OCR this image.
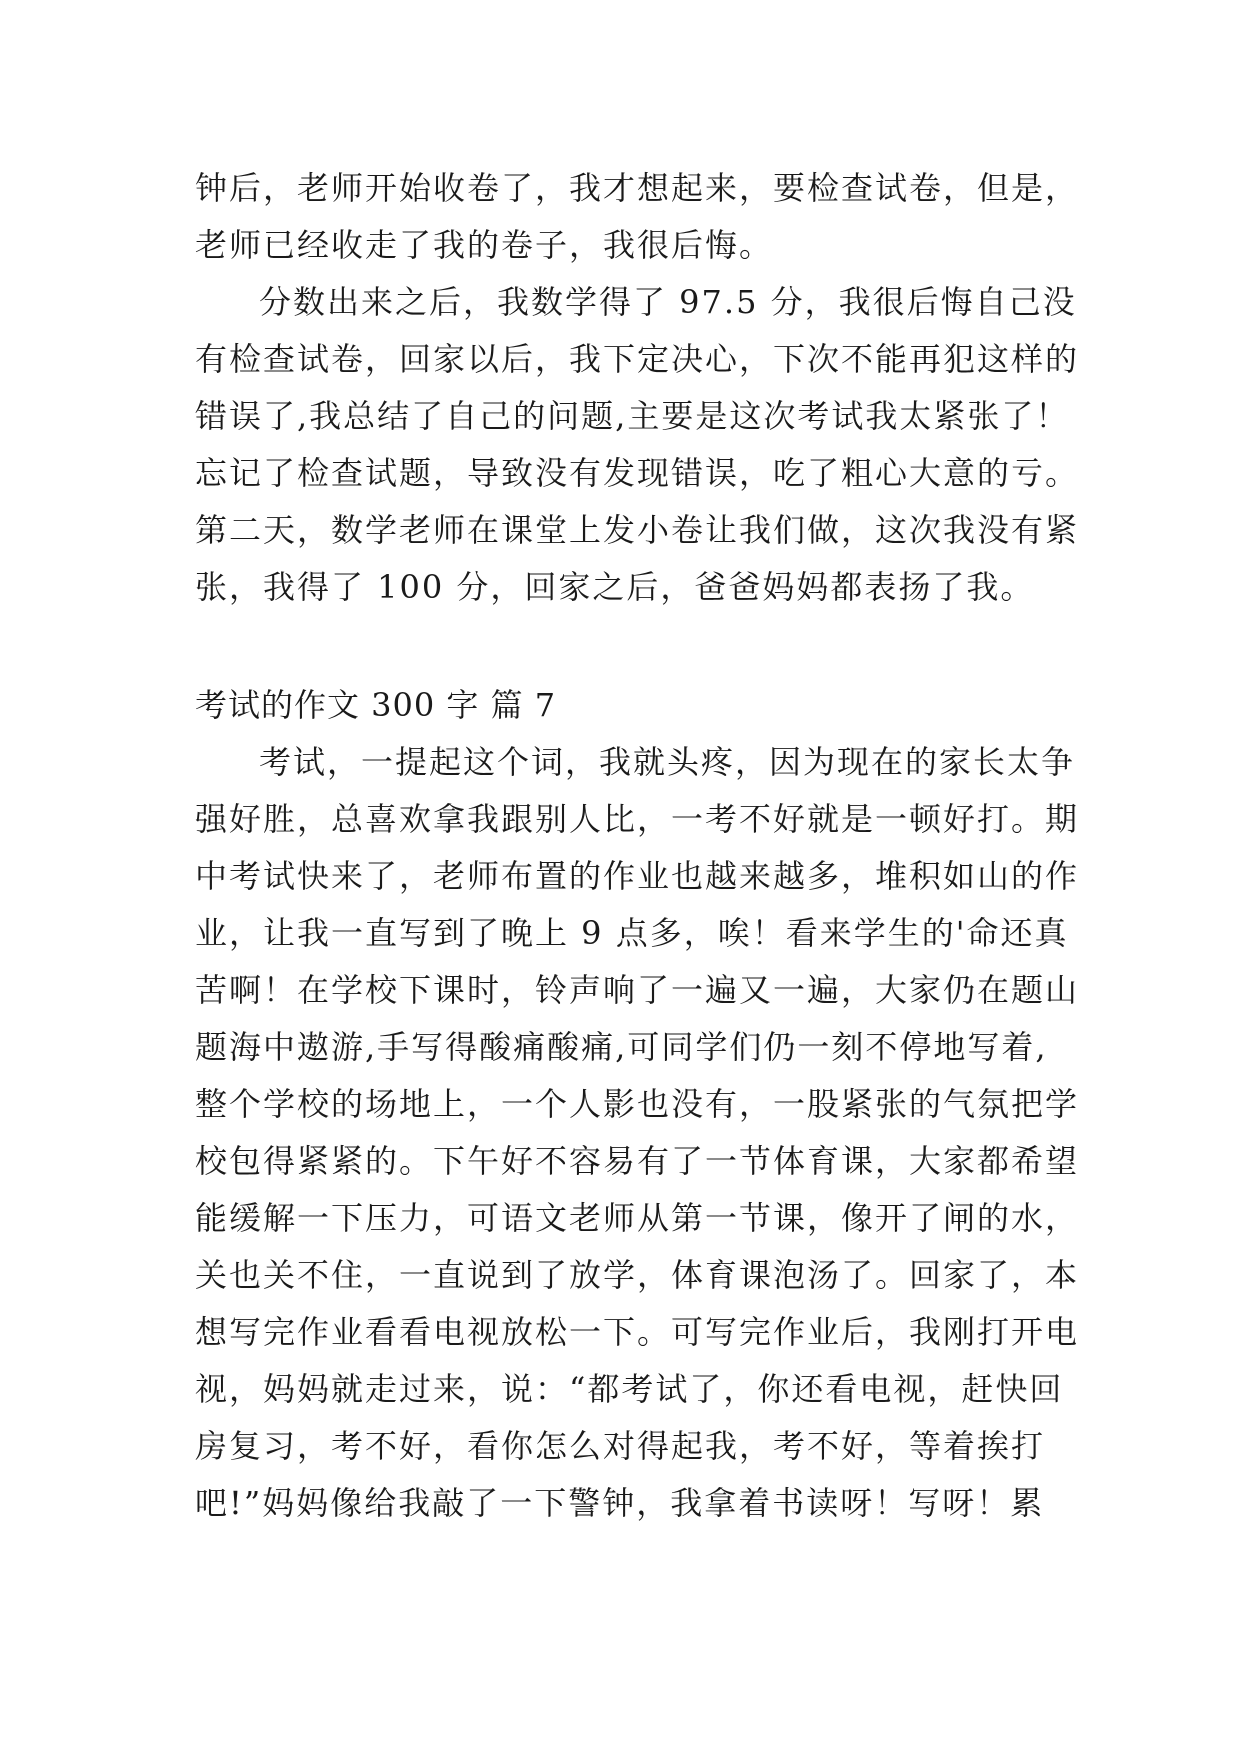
钟后，老师开始收卷了，我才想起来，要检查试卷，但是，
老师已经收走了我的卷子，我很后悔。
分数出来之后，我数学得了 97.5 分，我很后悔自己没
有检查试卷，回家以后，我下定决心，下次不能再犯这样的
错误了,我总结了自己的问题,主要是这次考试我太紧张了！
忘记了检查试题，导致没有发现错误，吃了粗心大意的亏。
第二天，数学老师在课堂上发小卷让我们做，这次我没有紧
张，我得了 100 分，回家之后，爸爸妈妈都表扬了我。
考试的作文 300 字 篇 7
考试，一提起这个词，我就头疼，因为现在的家长太争
强好胜，总喜欢拿我跟别人比，一考不好就是一顿好打。期
中考试快来了，老师布置的作业也越来越多，堆积如山的作
业，让我一直写到了晚上 9 点多，唉！看来学生的'命还真
苦啊！在学校下课时，铃声响了一遍又一遍，大家仍在题山
题海中遨游,手写得酸痛酸痛,可同学们仍一刻不停地写着,
整个学校的场地上，一个人影也没有，一股紧张的气氛把学
校包得紧紧的。下午好不容易有了一节体育课，大家都希望
能缓解一下压力，可语文老师从第一节课，像开了闸的水，
关也关不住，一直说到了放学，体育课泡汤了。回家了，本
想写完作业看看电视放松一下。可写完作业后，我刚打开电
视，妈妈就走过来，说：“都考试了，你还看电视，赶快回
房复习，考不好，看你怎么对得起我，考不好，等着挨打
吧!”妈妈像给我敲了一下警钟，我拿着书读呀！写呀！累
